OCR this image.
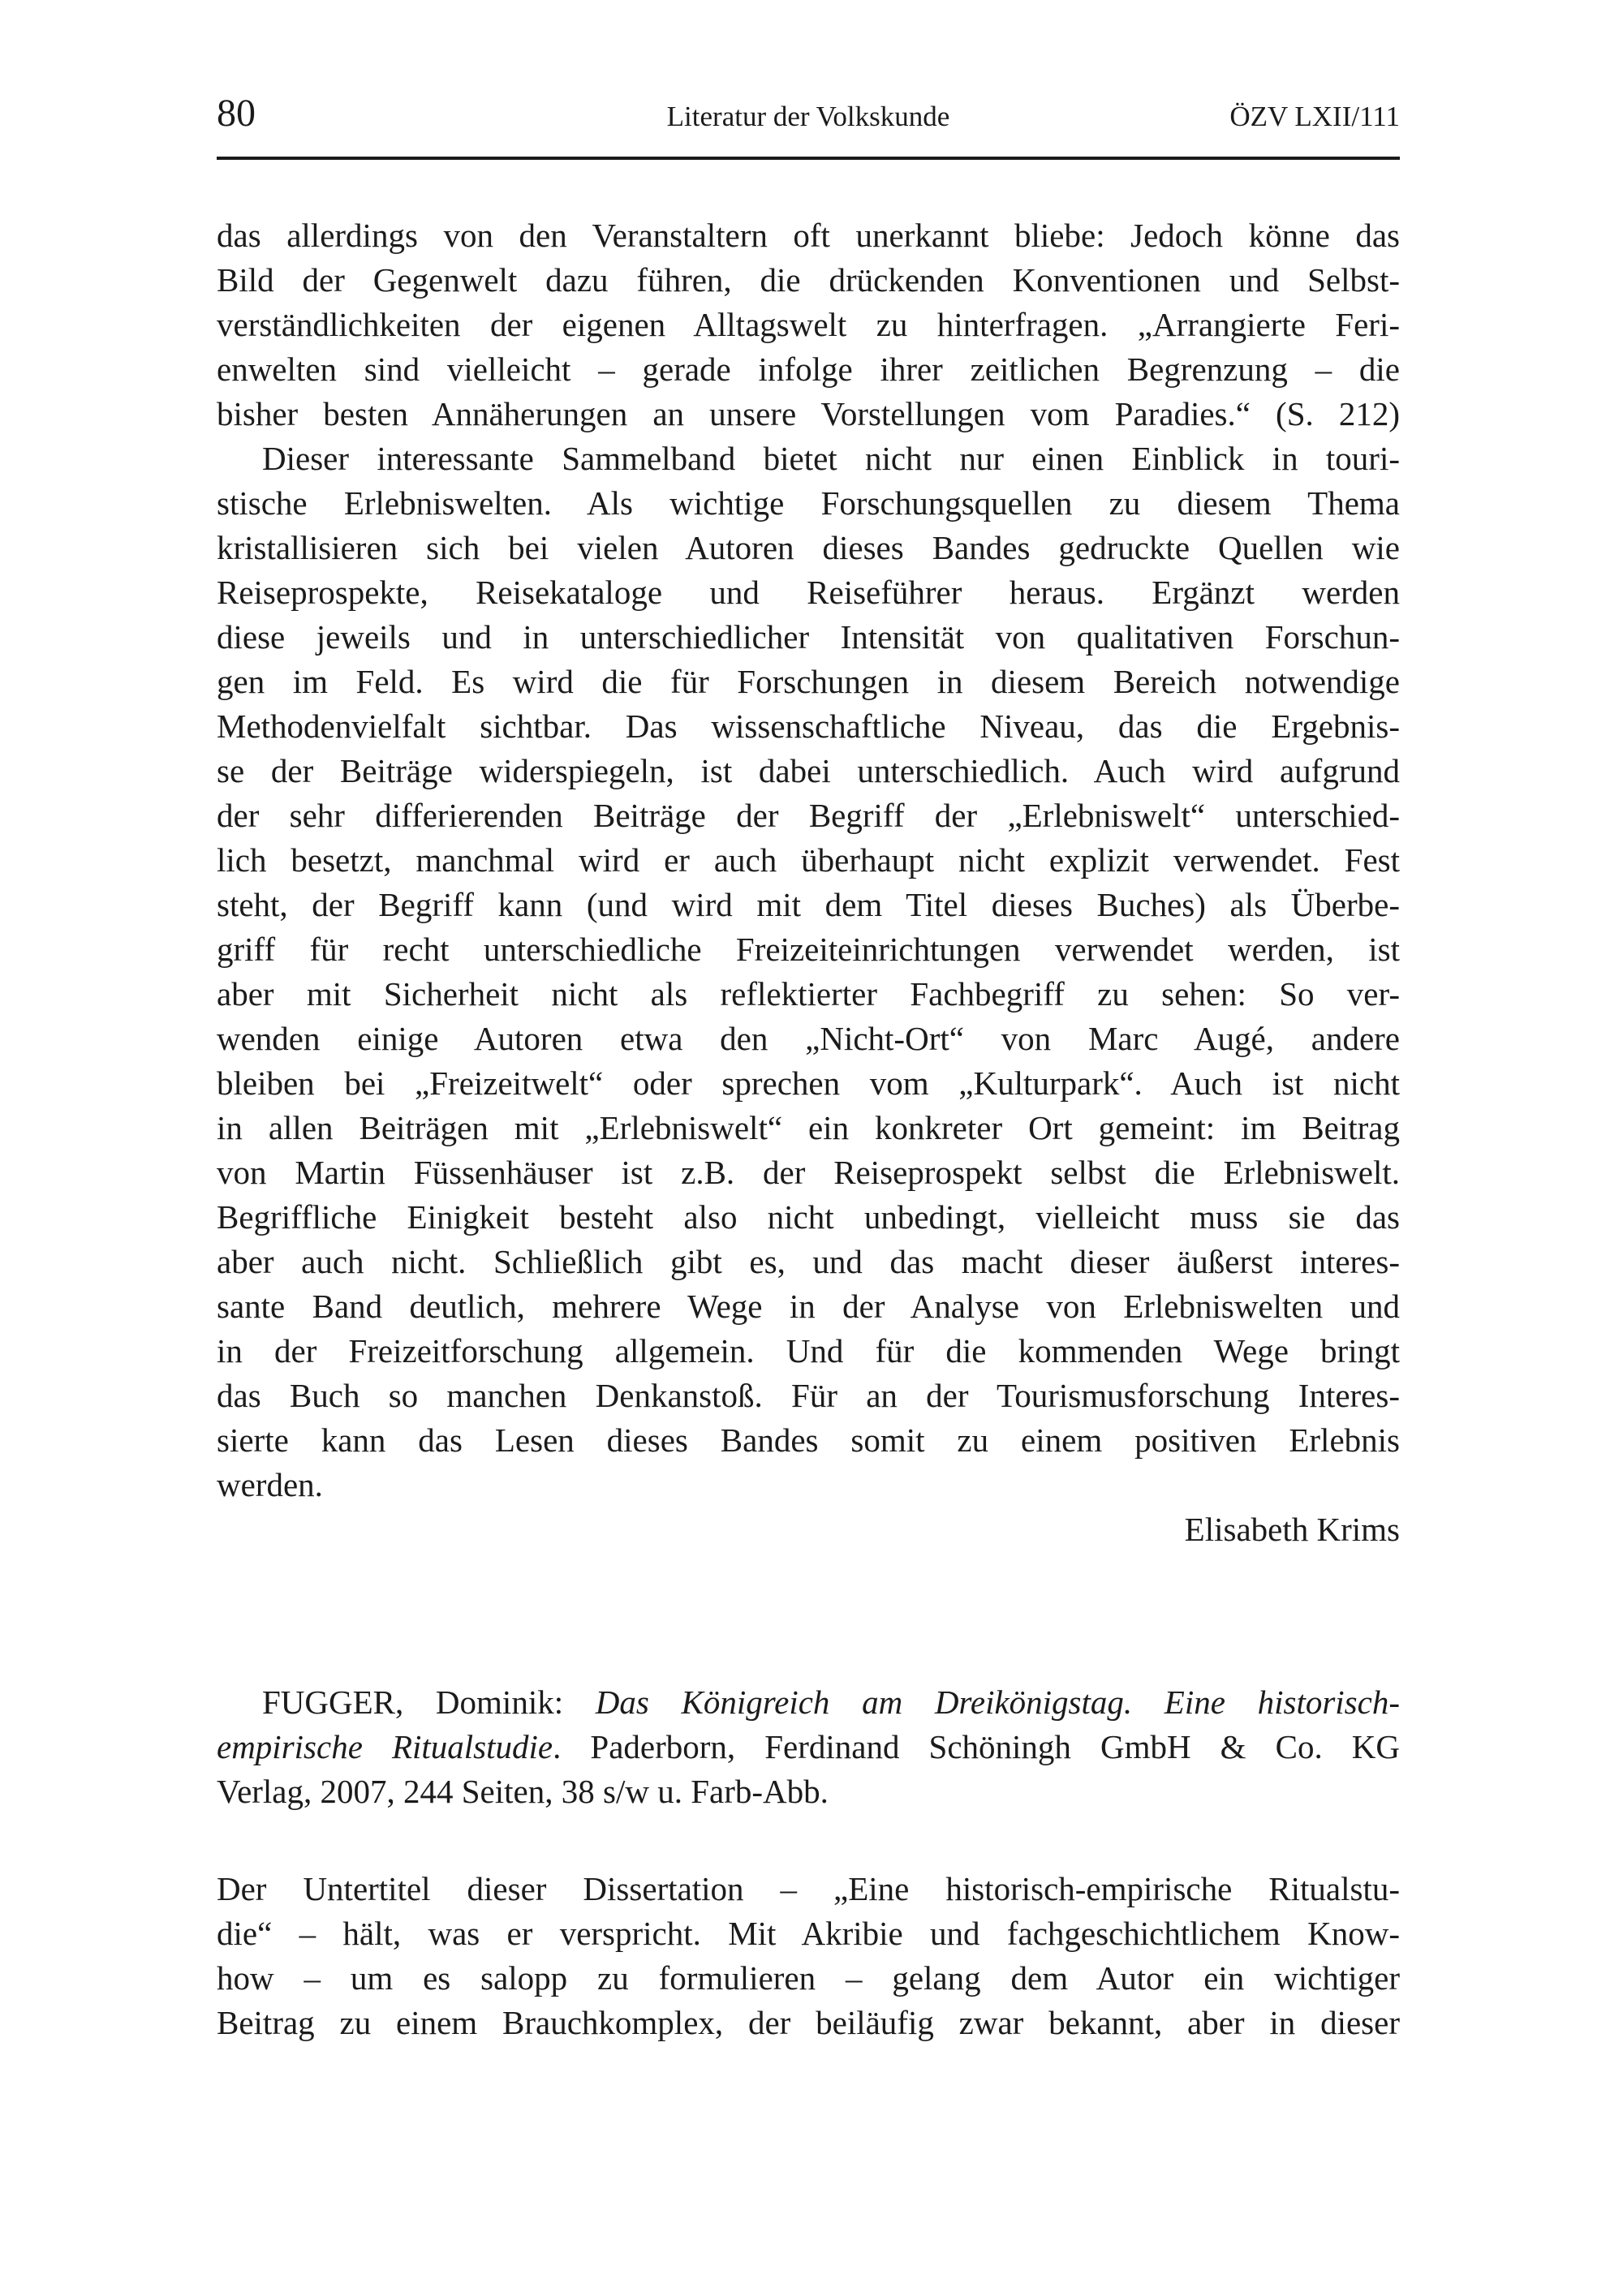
80	Literatur der Volkskunde	ÖZV LXII/111
das allerdings von den Veranstaltern oft unerkannt bliebe: Jedoch könne das
Bild der Gegenwelt dazu führen, die drückenden Konventionen und Selbst-
verständlichkeiten der eigenen Alltagswelt zu hinterfragen. „Arrangierte Feri-
enwelten sind vielleicht – gerade infolge ihrer zeitlichen Begrenzung – die
bisher besten Annäherungen an unsere Vorstellungen vom Paradies.“ (S. 212)
Dieser interessante Sammelband bietet nicht nur einen Einblick in touri-
stische Erlebniswelten. Als wichtige Forschungsquellen zu diesem Thema
kristallisieren sich bei vielen Autoren dieses Bandes gedruckte Quellen wie
Reiseprospekte, Reisekataloge und Reiseführer heraus. Ergänzt werden
diese jeweils und in unterschiedlicher Intensität von qualitativen Forschun-
gen im Feld. Es wird die für Forschungen in diesem Bereich notwendige
Methodenvielfalt sichtbar. Das wissenschaftliche Niveau, das die Ergebnis-
se der Beiträge widerspiegeln, ist dabei unterschiedlich. Auch wird aufgrund
der sehr differierenden Beiträge der Begriff der „Erlebniswelt“ unterschied-
lich besetzt, manchmal wird er auch überhaupt nicht explizit verwendet. Fest
steht, der Begriff kann (und wird mit dem Titel dieses Buches) als Überbe-
griff für recht unterschiedliche Freizeiteinrichtungen verwendet werden, ist
aber mit Sicherheit nicht als reflektierter Fachbegriff zu sehen: So ver-
wenden einige Autoren etwa den „Nicht-Ort“ von Marc Augé, andere
bleiben bei „Freizeitwelt“ oder sprechen vom „Kulturpark“. Auch ist nicht
in allen Beiträgen mit „Erlebniswelt“ ein konkreter Ort gemeint: im Beitrag
von Martin Füssenhäuser ist z.B. der Reiseprospekt selbst die Erlebniswelt.
Begriffliche Einigkeit besteht also nicht unbedingt, vielleicht muss sie das
aber auch nicht. Schließlich gibt es, und das macht dieser äußerst interes-
sante Band deutlich, mehrere Wege in der Analyse von Erlebniswelten und
in der Freizeitforschung allgemein. Und für die kommenden Wege bringt
das Buch so manchen Denkanstoß. Für an der Tourismusforschung Interes-
sierte kann das Lesen dieses Bandes somit zu einem positiven Erlebnis
werden.
Elisabeth Krims
FUGGER, Dominik: Das Königreich am Dreikönigstag. Eine historisch-
empirische Ritualstudie. Paderborn, Ferdinand Schöningh GmbH & Co. KG
Verlag, 2007, 244 Seiten, 38 s/w u. Farb-Abb.
Der Untertitel dieser Dissertation – „Eine historisch-empirische Ritualstu-
die“ – hält, was er verspricht. Mit Akribie und fachgeschichtlichem Know-
how – um es salopp zu formulieren – gelang dem Autor ein wichtiger
Beitrag zu einem Brauchkomplex, der beiläufig zwar bekannt, aber in dieser
